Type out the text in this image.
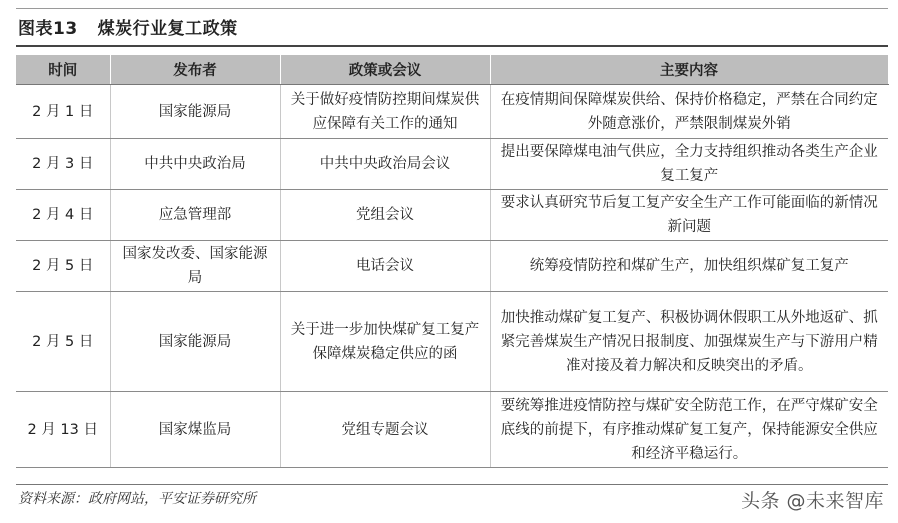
图表13 煤炭行业复工政策
时间	发布者	政策或会议	主要内容
2 月 1 日	国家能源局	关于做好疫情防控期间煤炭供应保障有关工作的通知	在疫情期间保障煤炭供给、保持价格稳定，严禁在合同约定外随意涨价，严禁限制煤炭外销
2 月 3 日	中共中央政治局	中共中央政治局会议	提出要保障煤电油气供应，全力支持组织推动各类生产企业复工复产
2 月 4 日	应急管理部	党组会议	要求认真研究节后复工复产安全生产工作可能面临的新情况新问题
2 月 5 日	国家发改委、国家能源局	电话会议	统筹疫情防控和煤矿生产，加快组织煤矿复工复产
2 月 5 日	国家能源局	关于进一步加快煤矿复工复产保障煤炭稳定供应的函	加快推动煤矿复工复产、积极协调休假职工从外地返矿、抓紧完善煤炭生产情况日报制度、加强煤炭生产与下游用户精准对接及着力解决和反映突出的矛盾。
2 月 13 日	国家煤监局	党组专题会议	要统筹推进疫情防控与煤矿安全防范工作，在严守煤矿安全底线的前提下，有序推动煤矿复工复产，保持能源安全供应和经济平稳运行。
资料来源：政府网站，平安证券研究所	头条 @未来智库
